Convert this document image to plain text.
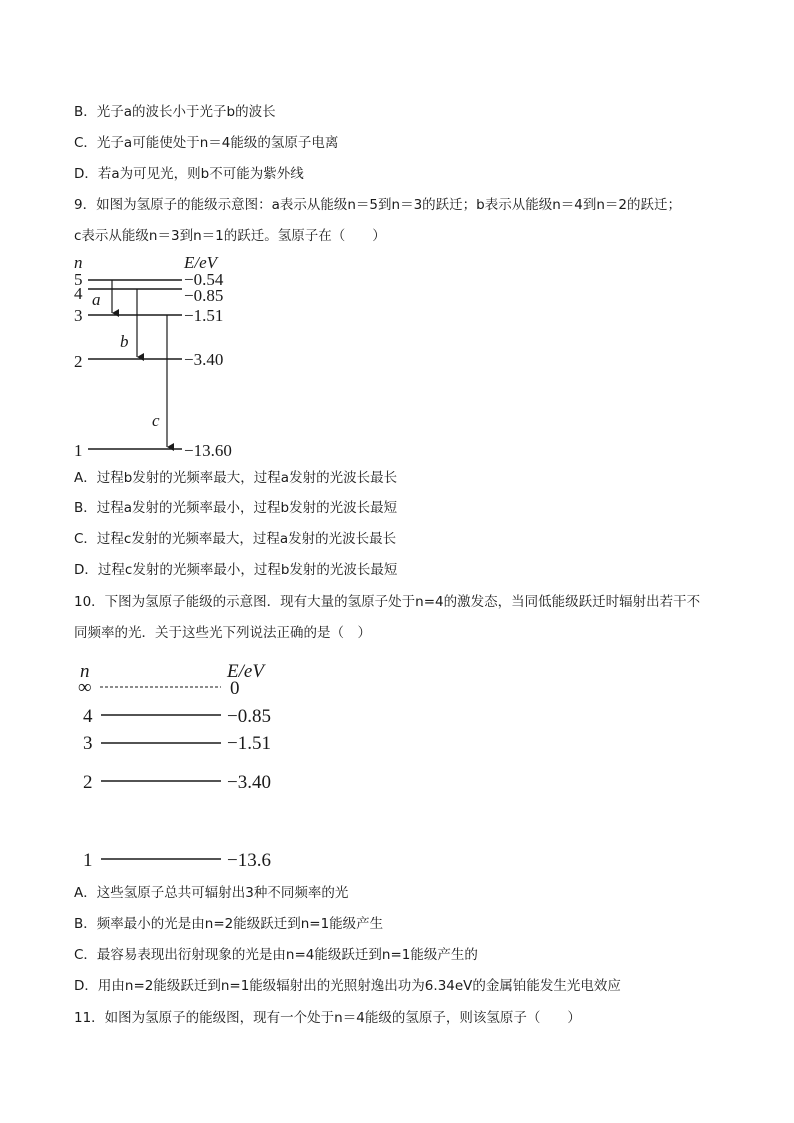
B．光子a的波长小于光子b的波长
C．光子a可能使处于n＝4能级的氢原子电离
D．若a为可见光，则b不可能为紫外线
9．如图为氢原子的能级示意图：a表示从能级n＝5到n＝3的跃迁；b表示从能级n＝4到n＝2的跃迁；
c表示从能级n＝3到n＝1的跃迁。氢原子在（　　）
n	E/eV
5
4
3
2
1
−0.54
−0.85
−1.51
−3.40
−13.60
a
b
c
A．过程b发射的光频率最大，过程a发射的光波长最长
B．过程a发射的光频率最小，过程b发射的光波长最短
C．过程c发射的光频率最大，过程a发射的光波长最长
D．过程c发射的光频率最小，过程b发射的光波长最短
10．下图为氢原子能级的示意图．现有大量的氢原子处于n=4的激发态，当同低能级跃迁时辐射出若干不
同频率的光．关于这些光下列说法正确的是（　）
n	E/eV
∞
4
3
2
1
0
−0.85
−1.51
−3.40
−13.6
A．这些氢原子总共可辐射出3种不同频率的光
B．频率最小的光是由n=2能级跃迁到n=1能级产生
C．最容易表现出衍射现象的光是由n=4能级跃迁到n=1能级产生的
D．用由n=2能级跃迁到n=1能级辐射出的光照射逸出功为6.34eV的金属铂能发生光电效应
11．如图为氢原子的能级图，现有一个处于n＝4能级的氢原子，则该氢原子（　　）
